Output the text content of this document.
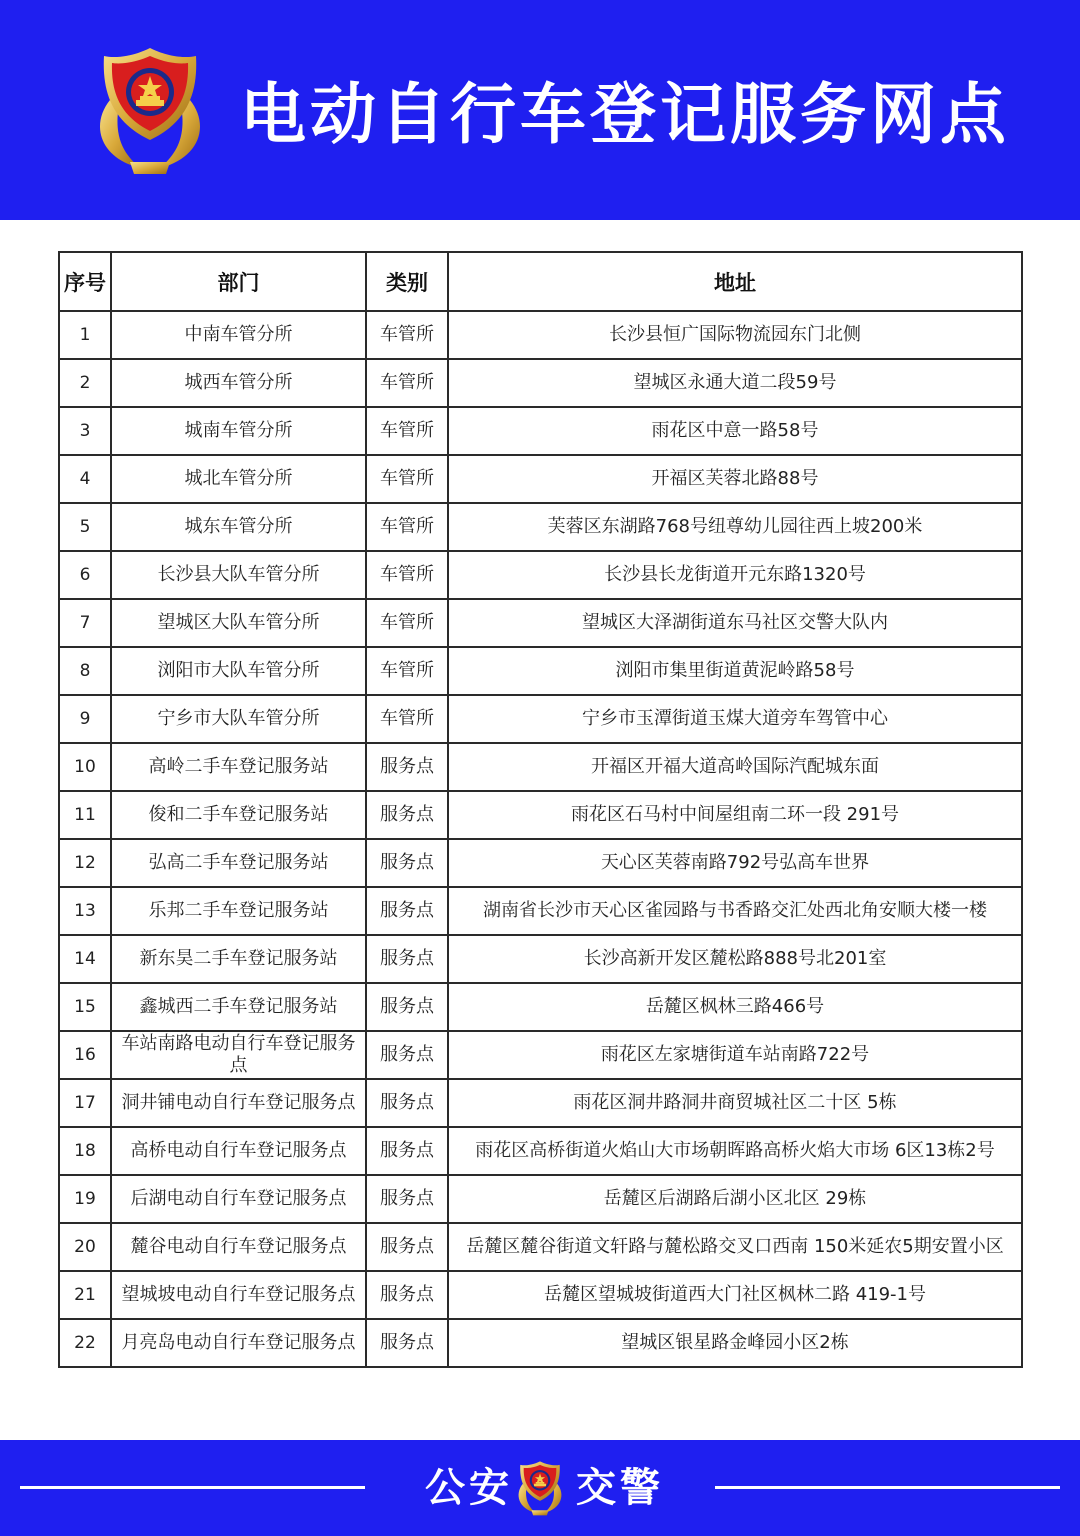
电动自行车登记服务网点
序号	部门	类别	地址
1	中南车管分所	车管所	长沙县恒广国际物流园东门北侧
2	城西车管分所	车管所	望城区永通大道二段59号
3	城南车管分所	车管所	雨花区中意一路58号
4	城北车管分所	车管所	开福区芙蓉北路88号
5	城东车管分所	车管所	芙蓉区东湖路768号纽尊幼儿园往西上坡200米
6	长沙县大队车管分所	车管所	长沙县长龙街道开元东路1320号
7	望城区大队车管分所	车管所	望城区大泽湖街道东马社区交警大队内
8	浏阳市大队车管分所	车管所	浏阳市集里街道黄泥岭路58号
9	宁乡市大队车管分所	车管所	宁乡市玉潭街道玉煤大道旁车驾管中心
10	高岭二手车登记服务站	服务点	开福区开福大道高岭国际汽配城东面
11	俊和二手车登记服务站	服务点	雨花区石马村中间屋组南二环一段 291号
12	弘高二手车登记服务站	服务点	天心区芙蓉南路792号弘高车世界
13	乐邦二手车登记服务站	服务点	湖南省长沙市天心区雀园路与书香路交汇处西北角安顺大楼一楼
14	新东昊二手车登记服务站	服务点	长沙高新开发区麓松路888号北201室
15	鑫城西二手车登记服务站	服务点	岳麓区枫林三路466号
16	车站南路电动自行车登记服务点	服务点	雨花区左家塘街道车站南路722号
17	洞井铺电动自行车登记服务点	服务点	雨花区洞井路洞井商贸城社区二十区 5栋
18	高桥电动自行车登记服务点	服务点	雨花区高桥街道火焰山大市场朝晖路高桥火焰大市场 6区13栋2号
19	后湖电动自行车登记服务点	服务点	岳麓区后湖路后湖小区北区 29栋
20	麓谷电动自行车登记服务点	服务点	岳麓区麓谷街道文轩路与麓松路交叉口西南 150米延农5期安置小区
21	望城坡电动自行车登记服务点	服务点	岳麓区望城坡街道西大门社区枫林二路 419-1号
22	月亮岛电动自行车登记服务点	服务点	望城区银星路金峰园小区2栋
公安 交警
